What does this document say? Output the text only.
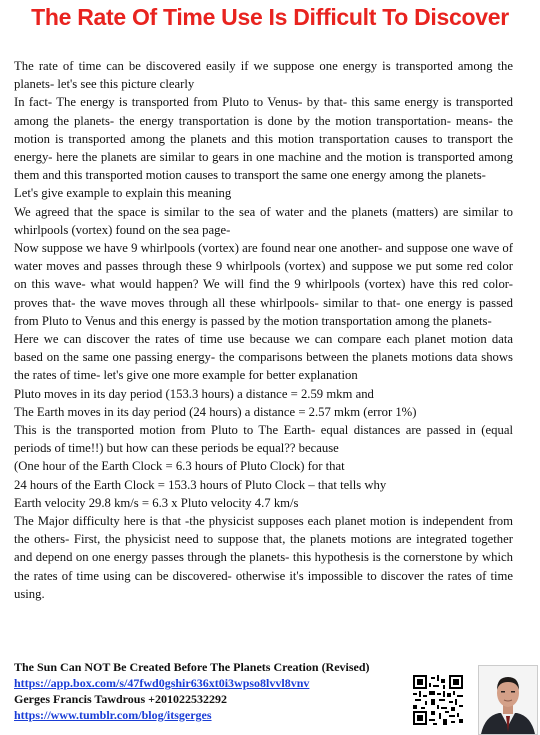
The Rate Of Time Use Is Difficult To Discover

The rate of time can be discovered easily if we suppose one energy is transported among the planets- let's see this picture clearly

In fact- The energy is transported from Pluto to Venus- by that- this same energy is transported among the planets- the energy transportation is done by the motion transportation- means- the motion is transported among the planets and this motion transportation causes to transport the energy- here the planets are similar to gears in one machine and the motion is transported among them and this transported motion causes to transport the same one energy among the planets-

Let's give example to explain this meaning

We agreed that the space is similar to the sea of water and the planets (matters) are similar to whirlpools (vortex) found on the sea page-

Now suppose we have 9 whirlpools (vortex) are found near one another- and suppose one wave of water moves and passes through these 9 whirlpools (vortex) and suppose we put some red color on this wave- what would happen? We will find the 9 whirlpools (vortex) have this red color- proves that- the wave moves through all these whirlpools- similar to that- one energy is passed from Pluto to Venus and this energy is passed by the motion transportation among the planets-

Here we can discover the rates of time use because we can compare each planet motion data based on the same one passing energy- the comparisons between the planets motions data shows the rates of time- let's give one more example for better explanation

Pluto moves in its day period (153.3 hours) a distance = 2.59 mkm and

The Earth moves in its day period (24 hours) a distance = 2.57 mkm (error 1%)

This is the transported motion from Pluto to The Earth- equal distances are passed in (equal periods of time!!) but how can these periods be equal?? because

(One hour of the Earth Clock = 6.3 hours of Pluto Clock) for that

24 hours of the Earth Clock = 153.3 hours of Pluto Clock – that tells why

Earth velocity 29.8 km/s = 6.3 x Pluto velocity 4.7 km/s

The Major difficulty here is that -the physicist supposes each planet motion is independent from the others- First, the physicist need to suppose that, the planets motions are integrated together and depend on one energy passes through the planets- this hypothesis is the cornerstone by which the rates of time using can be discovered- otherwise it's impossible to discover the rates of time using.

The Sun Can NOT Be Created Before The Planets Creation (Revised)
https://app.box.com/s/47fwd0gshir636xt0i3wpso8lvvl8vnv
Gerges Francis Tawdrous +201022532292
https://www.tumblr.com/blog/itsgerges
